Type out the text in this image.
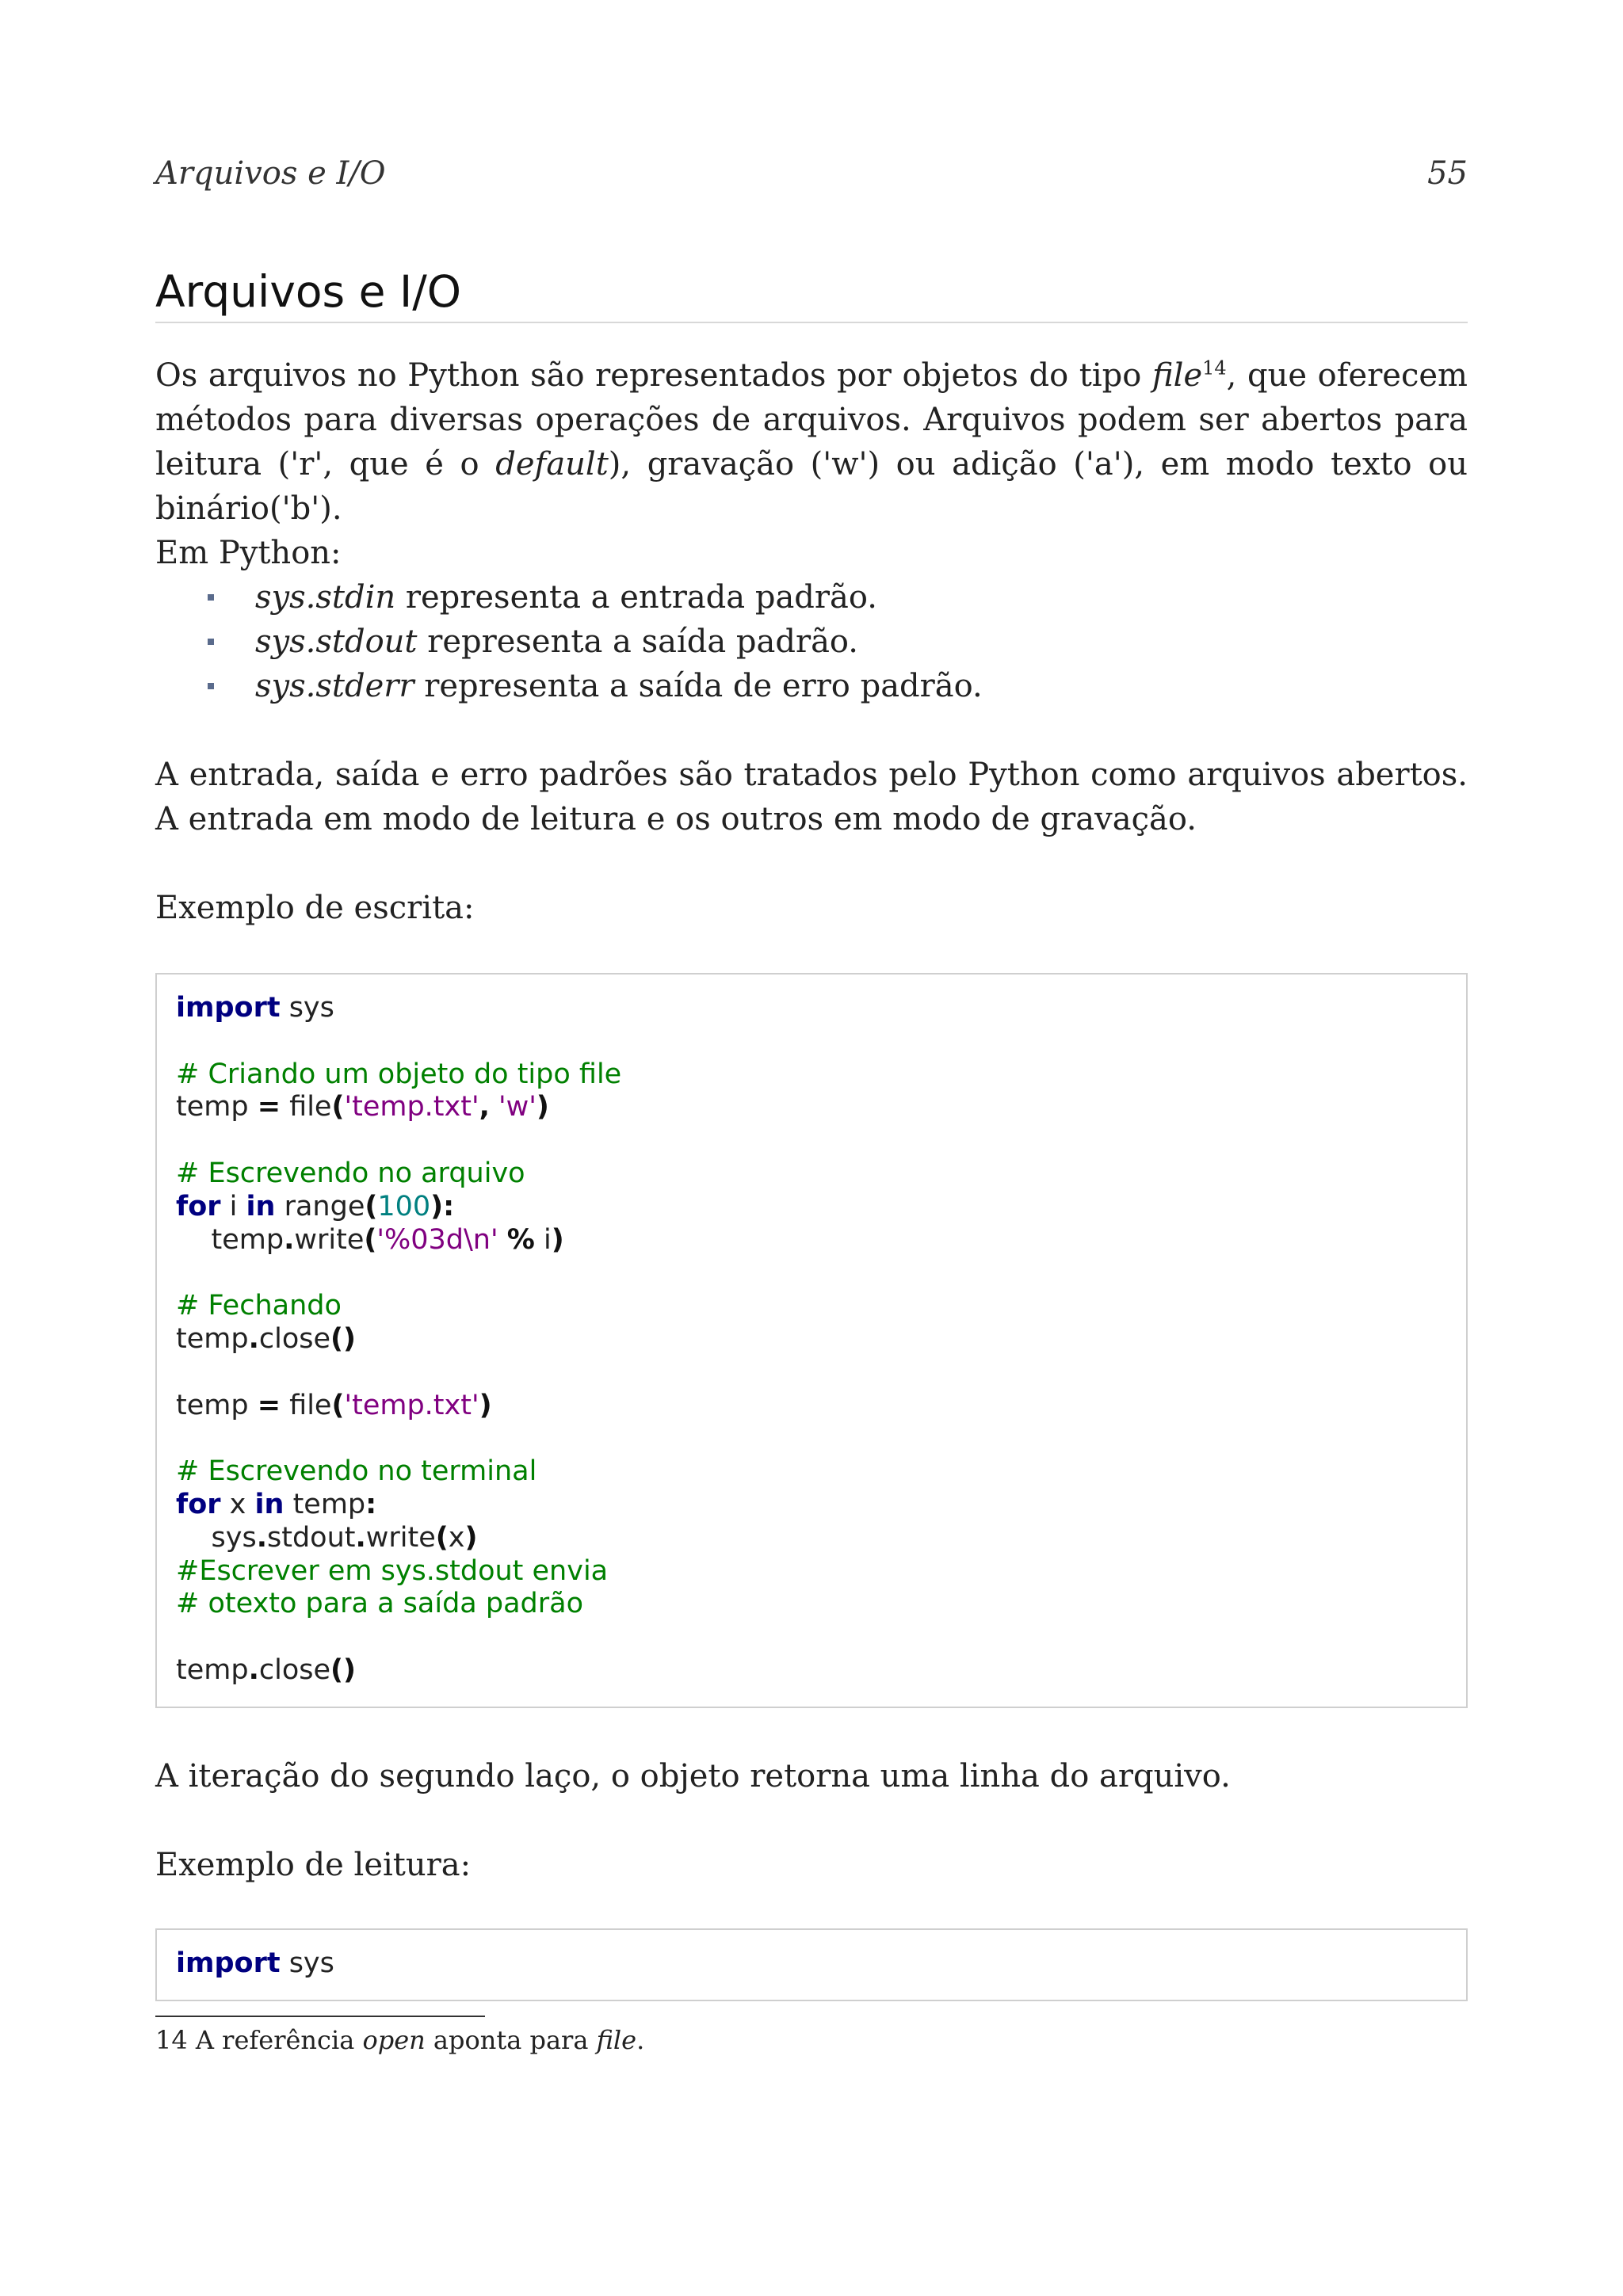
Arquivos e I/O	55
Arquivos e I/O

Os arquivos no Python são representados por objetos do tipo file$^{14}$, que oferecem métodos para diversas operações de arquivos. Arquivos podem ser abertos para leitura ('r', que é o default), gravação ('w') ou adição ('a'), em modo texto ou binário('b').

Em Python:

sys.stdin representa a entrada padrão.
sys.stdout representa a saída padrão.
sys.stderr representa a saída de erro padrão.

A entrada, saída e erro padrões são tratados pelo Python como arquivos abertos. A entrada em modo de leitura e os outros em modo de gravação.

Exemplo de escrita:

import sys
# Criando um objeto do tipo file
temp = file('temp.txt', 'w')
# Escrevendo no arquivo
for i in range(100):
temp.write('%03d\n' % i)
# Fechando
temp.close()
temp = file('temp.txt')
# Escrevendo no terminal
for x in temp:
sys.stdout.write(x)
#Escrever em sys.stdout envia
# otexto para a saída padrão
temp.close()

A iteração do segundo laço, o objeto retorna uma linha do arquivo.

Exemplo de leitura:

import sys
14 A referência open aponta para file.
